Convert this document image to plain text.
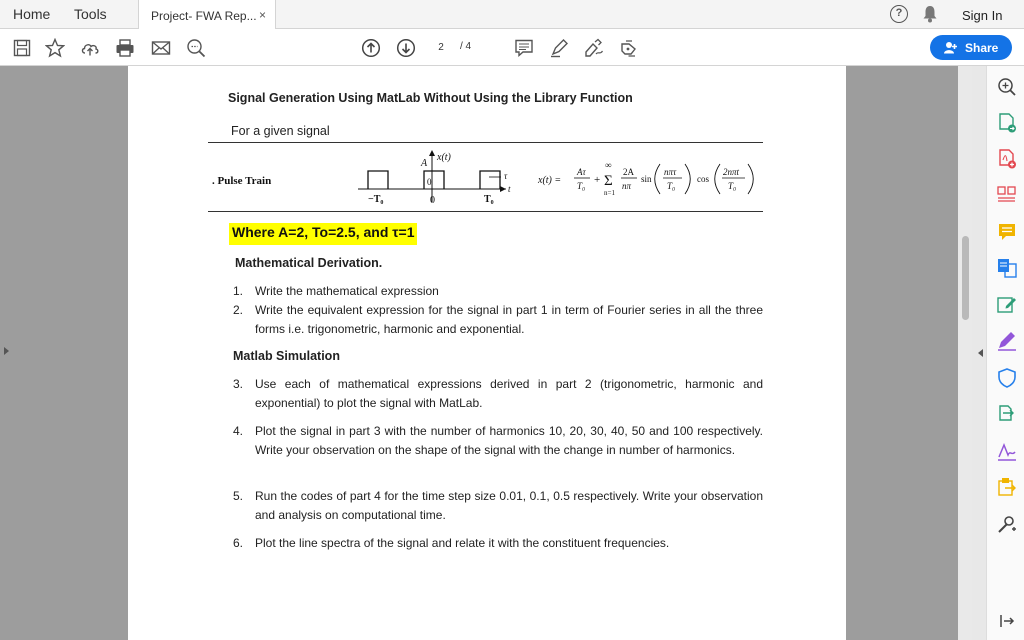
Home Tools	Project- FWA Rep... ×	?	Sign In
2
/ 4	Share
Signal Generation Using MatLab Without Using the Library Function
For a given signal
. Pulse Train
x(t)
A
0
−T₀	0	T₀
τ
t
x(t) =
Aτ
T₀ + Σ
∞
n=1
2A
nπ
sin
nπτ
T₀
cos
2nπt
T₀
Where A=2, To=2.5, and τ=1
Mathematical Derivation.
1. Write the mathematical expression
2. Write the equivalent expression for the signal in part 1 in term of Fourier series in all the three forms i.e. trigonometric, harmonic and exponential.
Matlab Simulation
3. Use each of mathematical expressions derived in part 2 (trigonometric, harmonic and exponential) to plot the signal with MatLab.
4. Plot the signal in part 3 with the number of harmonics 10, 20, 30, 40, 50 and 100 respectively. Write your observation on the shape of the signal with the change in number of harmonics.
5. Run the codes of part 4 for the time step size 0.01, 0.1, 0.5 respectively. Write your observation and analysis on computational time.
6. Plot the line spectra of the signal and relate it with the constituent frequencies.
